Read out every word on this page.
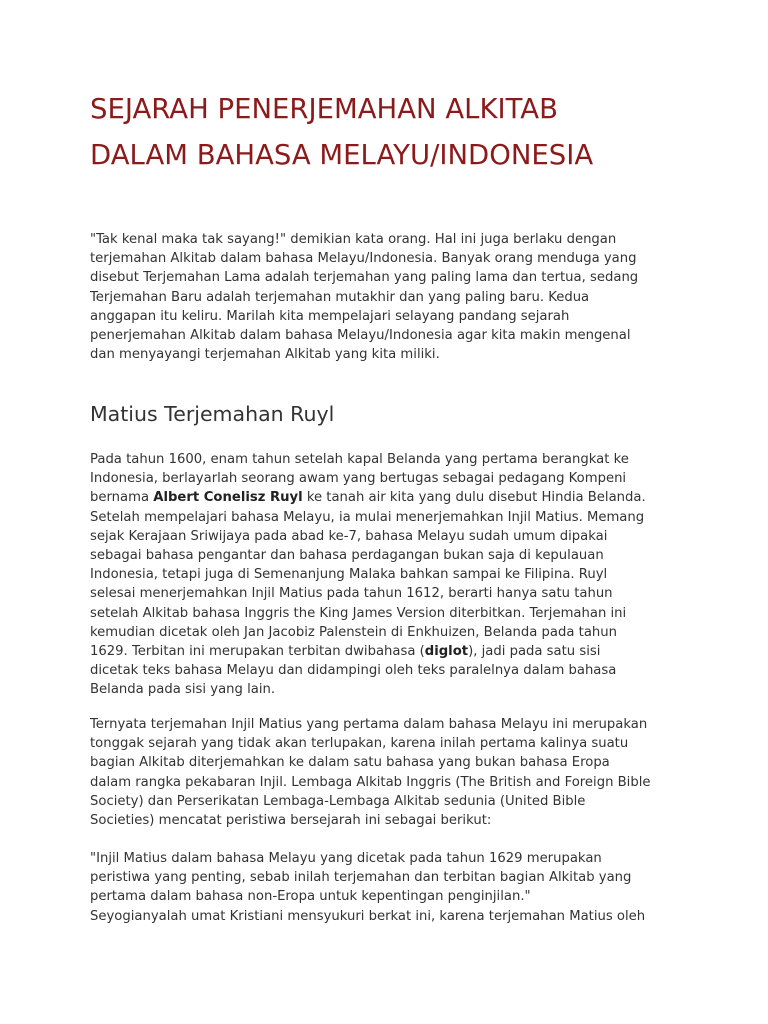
SEJARAH PENERJEMAHAN ALKITAB
DALAM BAHASA MELAYU/INDONESIA

"Tak kenal maka tak sayang!" demikian kata orang. Hal ini juga berlaku dengan
terjemahan Alkitab dalam bahasa Melayu/Indonesia. Banyak orang menduga yang
disebut Terjemahan Lama adalah terjemahan yang paling lama dan tertua, sedang
Terjemahan Baru adalah terjemahan mutakhir dan yang paling baru. Kedua
anggapan itu keliru. Marilah kita mempelajari selayang pandang sejarah
penerjemahan Alkitab dalam bahasa Melayu/Indonesia agar kita makin mengenal
dan menyayangi terjemahan Alkitab yang kita miliki.

Matius Terjemahan Ruyl

Pada tahun 1600, enam tahun setelah kapal Belanda yang pertama berangkat ke
Indonesia, berlayarlah seorang awam yang bertugas sebagai pedagang Kompeni
bernama Albert Conelisz Ruyl ke tanah air kita yang dulu disebut Hindia Belanda.
Setelah mempelajari bahasa Melayu, ia mulai menerjemahkan Injil Matius. Memang
sejak Kerajaan Sriwijaya pada abad ke-7, bahasa Melayu sudah umum dipakai
sebagai bahasa pengantar dan bahasa perdagangan bukan saja di kepulauan
Indonesia, tetapi juga di Semenanjung Malaka bahkan sampai ke Filipina. Ruyl
selesai menerjemahkan Injil Matius pada tahun 1612, berarti hanya satu tahun
setelah Alkitab bahasa Inggris the King James Version diterbitkan. Terjemahan ini
kemudian dicetak oleh Jan Jacobiz Palenstein di Enkhuizen, Belanda pada tahun
1629. Terbitan ini merupakan terbitan dwibahasa (diglot), jadi pada satu sisi
dicetak teks bahasa Melayu dan didampingi oleh teks paralelnya dalam bahasa
Belanda pada sisi yang lain.

Ternyata terjemahan Injil Matius yang pertama dalam bahasa Melayu ini merupakan
tonggak sejarah yang tidak akan terlupakan, karena inilah pertama kalinya suatu
bagian Alkitab diterjemahkan ke dalam satu bahasa yang bukan bahasa Eropa
dalam rangka pekabaran Injil. Lembaga Alkitab Inggris (The British and Foreign Bible
Society) dan Perserikatan Lembaga-Lembaga Alkitab sedunia (United Bible
Societies) mencatat peristiwa bersejarah ini sebagai berikut:

"Injil Matius dalam bahasa Melayu yang dicetak pada tahun 1629 merupakan
peristiwa yang penting, sebab inilah terjemahan dan terbitan bagian Alkitab yang
pertama dalam bahasa non-Eropa untuk kepentingan penginjilan."
Seyogianyalah umat Kristiani mensyukuri berkat ini, karena terjemahan Matius oleh
